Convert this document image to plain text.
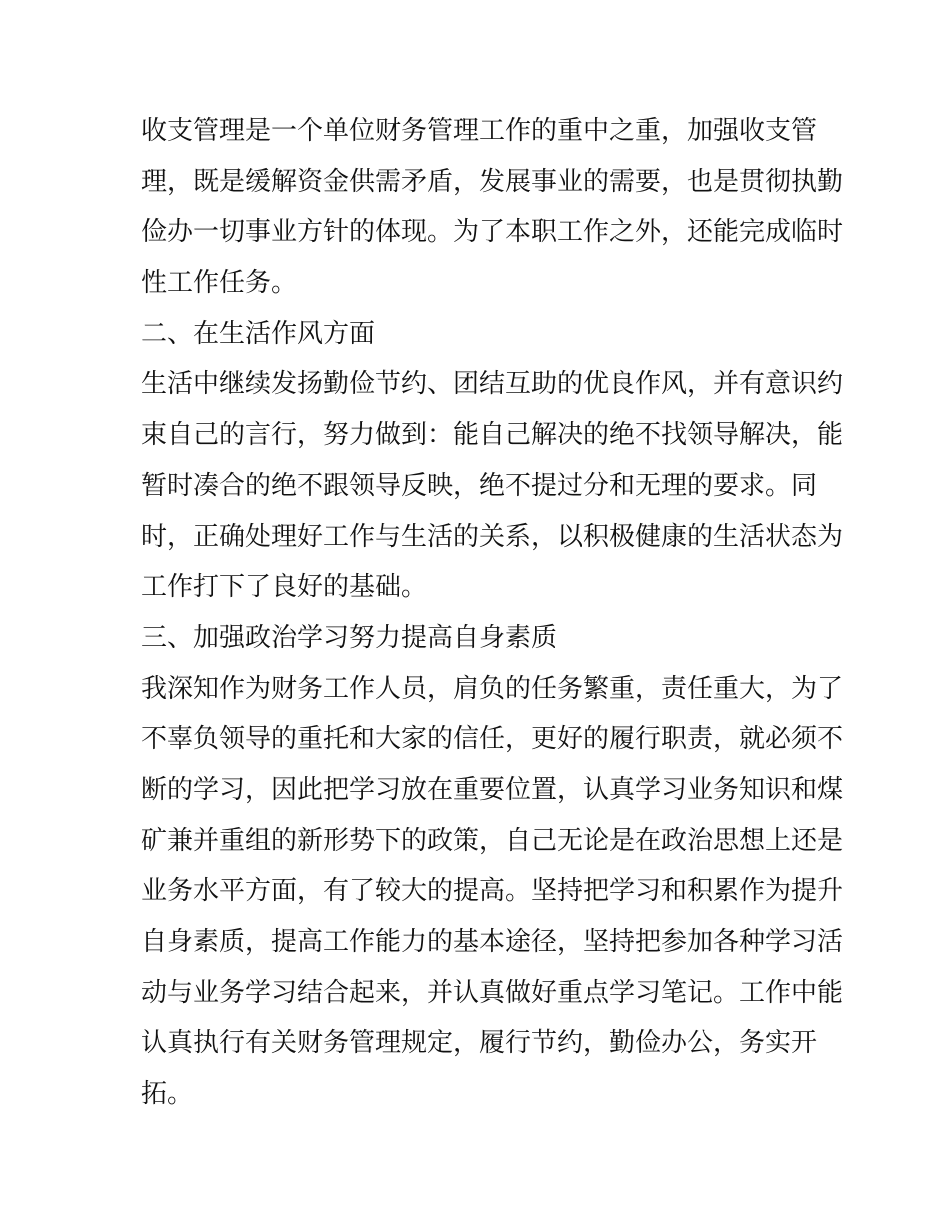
收支管理是一个单位财务管理工作的重中之重，加强收支管
理，既是缓解资金供需矛盾，发展事业的需要，也是贯彻执勤
俭办一切事业方针的体现。为了本职工作之外，还能完成临时
性工作任务。
二、在生活作风方面
生活中继续发扬勤俭节约、团结互助的优良作风，并有意识约
束自己的言行，努力做到：能自己解决的绝不找领导解决，能
暂时凑合的绝不跟领导反映，绝不提过分和无理的要求。同
时，正确处理好工作与生活的关系，以积极健康的生活状态为
工作打下了良好的基础。
三、加强政治学习努力提高自身素质
我深知作为财务工作人员，肩负的任务繁重，责任重大，为了
不辜负领导的重托和大家的信任，更好的履行职责，就必须不
断的学习，因此把学习放在重要位置，认真学习业务知识和煤
矿兼并重组的新形势下的政策，自己无论是在政治思想上还是
业务水平方面，有了较大的提高。坚持把学习和积累作为提升
自身素质，提高工作能力的基本途径，坚持把参加各种学习活
动与业务学习结合起来，并认真做好重点学习笔记。工作中能
认真执行有关财务管理规定，履行节约，勤俭办公，务实开
拓。
